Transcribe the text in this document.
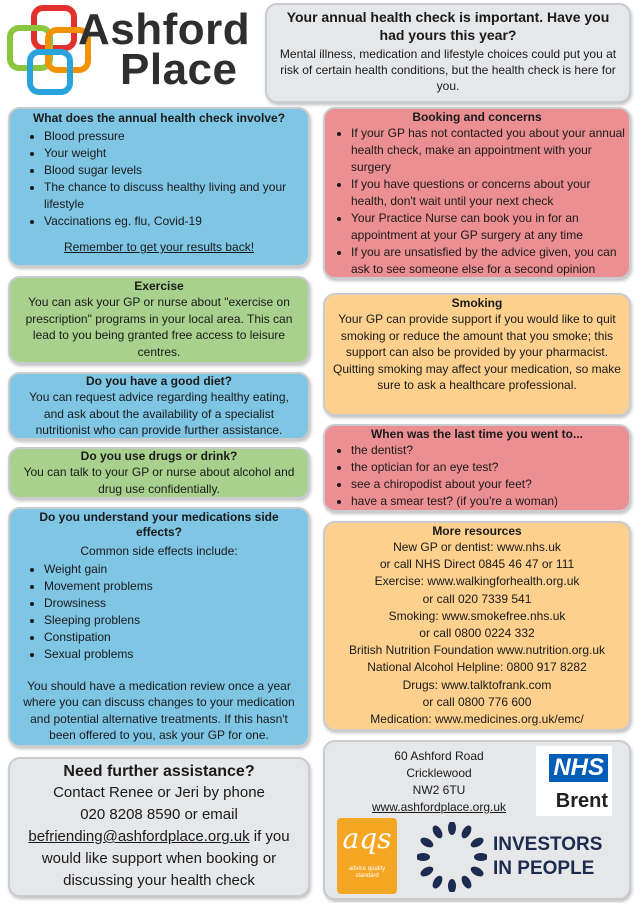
Ashford
Place
Your annual health check is important. Have you had yours this year?
Mental illness, medication and lifestyle choices could put you at risk of certain health conditions, but the health check is here for you.
What does the annual health check involve?
• Blood pressure
• Your weight
• Blood sugar levels
• The chance to discuss healthy living and your lifestyle
• Vaccinations eg. flu, Covid-19
Remember to get your results back!
Exercise
You can ask your GP or nurse about "exercise on prescription" programs in your local area. This can lead to you being granted free access to leisure centres.
Do you have a good diet?
You can request advice regarding healthy eating, and ask about the availability of a specialist nutritionist who can provide further assistance.
Do you use drugs or drink?
You can talk to your GP or nurse about alcohol and drug use confidentially.
Do you understand your medications side effects?
Common side effects include:
• Weight gain
• Movement problems
• Drowsiness
• Sleeping problens
• Constipation
• Sexual problems
You should have a medication review once a year where you can discuss changes to your medication and potential alternative treatments. If this hasn't been offered to you, ask your GP for one.
Booking and concerns
• If your GP has not contacted you about your annual health check, make an appointment with your surgery
• If you have questions or concerns about your health, don't wait until your next check
• Your Practice Nurse can book you in for an appointment at your GP surgery at any time
• If you are unsatisfied by the advice given, you can ask to see someone else for a second opinion
Smoking
Your GP can provide support if you would like to quit smoking or reduce the amount that you smoke; this support can also be provided by your pharmacist. Quitting smoking may affect your medication, so make sure to ask a healthcare professional.
When was the last time you went to...
• the dentist?
• the optician for an eye test?
• see a chiropodist about your feet?
• have a smear test? (if you're a woman)
More resources
New GP or dentist: www.nhs.uk
or call NHS Direct 0845 46 47 or 111
Exercise: www.walkingforhealth.org.uk
or call 020 7339 541
Smoking: www.smokefree.nhs.uk
or call 0800 0224 332
British Nutrition Foundation www.nutrition.org.uk
National Alcohol Helpline: 0800 917 8282
Drugs: www.talktofrank.com
or call 0800 776 600
Medication: www.medicines.org.uk/emc/
Need further assistance?
Contact Renee or Jeri by phone
020 8208 8590 or email
befriending@ashfordplace.org.uk if you would like support when booking or discussing your health check
60 Ashford Road
Cricklewood
NW2 6TU
www.ashfordplace.org.uk
NHS
Brent
aqs
advice quality standard
INVESTORS
IN PEOPLE
